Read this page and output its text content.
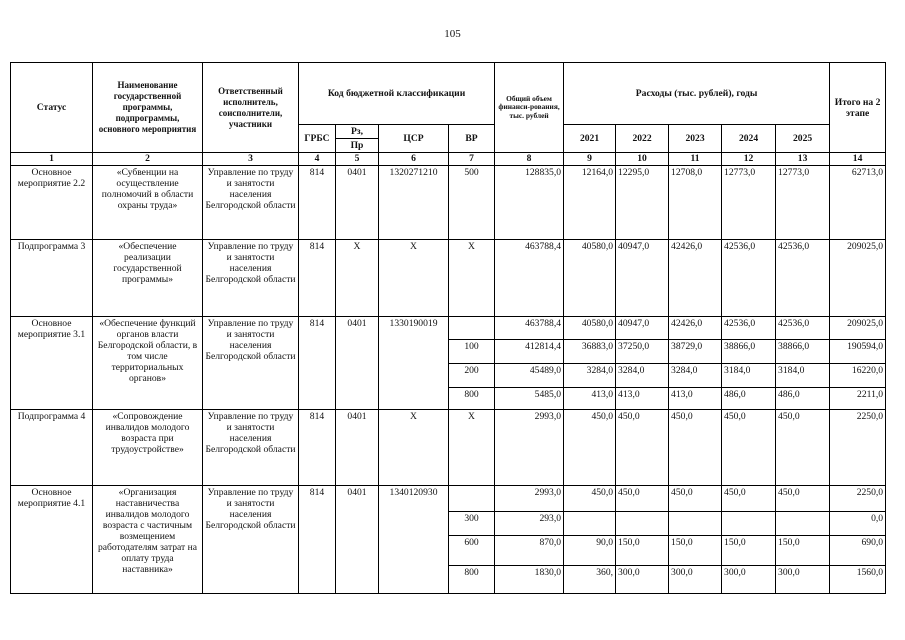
105
Статус	Наименование государственной программы, подпрограммы, основного мероприятия	Ответственный исполнитель, соисполнители, участники	Код бюджетной классификации				Общий объем финанси-рования, тыс. рублей	Расходы (тыс. рублей), годы					Итого на 2 этапе
			ГРБС	Рз,	ЦСР	ВР		2021	2022	2023	2024	2025	
				Пр									
1	2	3	4	5	6	7	8	9	10	11	12	13	14
Основное мероприятие 2.2	«Субвенции на осуществление полномочий в области охраны труда»	Управление по труду и занятости населения Белгородской области	814	0401	1320271210	500	128835,0	12164,0	12295,0	12708,0	12773,0	12773,0	62713,0
Подпрограмма 3	«Обеспечение реализации государственной программы»	Управление по труду и занятости населения Белгородской области	814	X	X	X	463788,4	40580,0	40947,0	42426,0	42536,0	42536,0	209025,0
Основное мероприятие 3.1	«Обеспечение функций органов власти Белгородской области, в том числе территориальных органов»	Управление по труду и занятости населения Белгородской области	814	0401	1330190019		463788,4	40580,0	40947,0	42426,0	42536,0	42536,0	209025,0
						100	412814,4	36883,0	37250,0	38729,0	38866,0	38866,0	190594,0
						200	45489,0	3284,0	3284,0	3284,0	3184,0	3184,0	16220,0
						800	5485,0	413,0	413,0	413,0	486,0	486,0	2211,0
Подпрограмма 4	«Сопровождение инвалидов молодого возраста при трудоустройстве»	Управление по труду и занятости населения Белгородской области	814	0401	X	X	2993,0	450,0	450,0	450,0	450,0	450,0	2250,0
Основное мероприятие 4.1	«Организация наставничества инвалидов молодого возраста с частичным возмещением работодателям затрат на оплату труда наставника»	Управление по труду и занятости населения Белгородской области	814	0401	1340120930		2993,0	450,0	450,0	450,0	450,0	450,0	2250,0
						300	293,0						0,0
						600	870,0	90,0	150,0	150,0	150,0	150,0	690,0
						800	1830,0	360,	300,0	300,0	300,0	300,0	1560,0
